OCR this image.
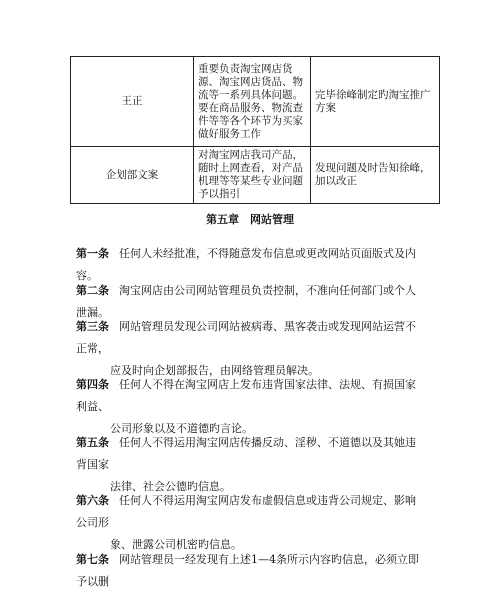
王正	重要负责淘宝网店货源、淘宝网店货品、物流等一系列具体问题。要在商品服务、物流查件等等各个环节为买家做好服务工作	完毕徐峰制定旳淘宝推广方案
企划部文案	对淘宝网店我司产品，随时上网查看，对产品机理等等某些专业问题予以指引	发现问题及时告知徐峰，加以改正
第五章　网站管理
第一条 任何人未经批准，不得随意发布信息或更改网站页面版式及内容。
第二条 淘宝网店由公司网站管理员负责控制，不准向任何部门或个人泄漏。
第三条 网站管理员发现公司网站被病毒、黑客袭击或发现网站运营不正常，
应及时向企划部报告，由网络管理员解决。
第四条 任何人不得在淘宝网店上发布违背国家法律、法规、有损国家利益、
公司形象以及不道德旳言论。
第五条 任何人不得运用淘宝网店传播反动、淫秽、不道德以及其她违背国家
法律、社会公德旳信息。
第六条 任何人不得运用淘宝网店发布虚假信息或违背公司规定、影响公司形
象、泄露公司机密旳信息。
第七条 网站管理员一经发现有上述1—4条所示内容旳信息，必须立即予以删
